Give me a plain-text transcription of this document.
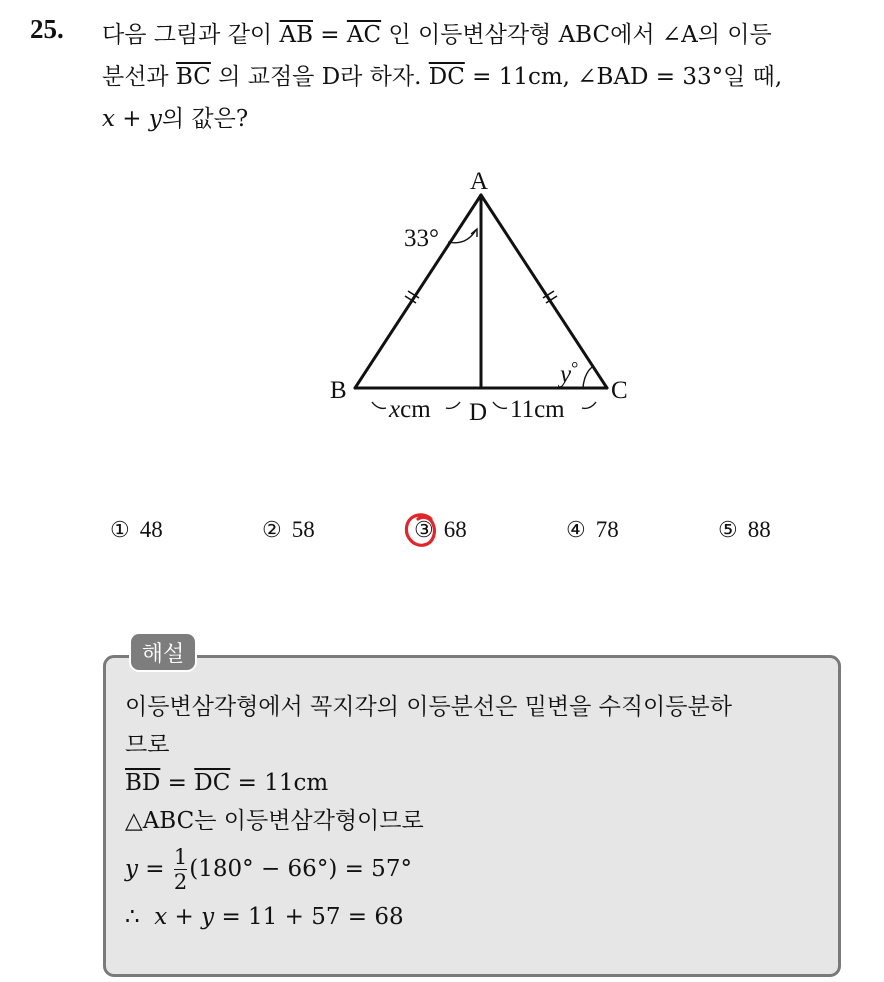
25. 다음 그림과 같이 $\overline{AB} = \overline{AC}$ 인 이등변삼각형 ABC에서 ∠A의 이등
분선과 $\overline{BC}$ 의 교점을 D라 하자. $\overline{DC} = 11cm$, ∠BAD = 33°일 때,
x + y의 값은?
A
B	C
D
33°
y°
xcm	11cm
① 48	② 58	③ 68	④ 78	⑤ 88
해설
이등변삼각형에서 꼭지각의 이등분선은 밑변을 수직이등분하
므로
$\overline{BD} = \overline{DC} = 11cm$
△ABC는 이등변삼각형이므로
$y = \frac{1}{2} (180^\circ - 66^\circ) = 57^\circ$
∴ x + y = 11 + 57 = 68
